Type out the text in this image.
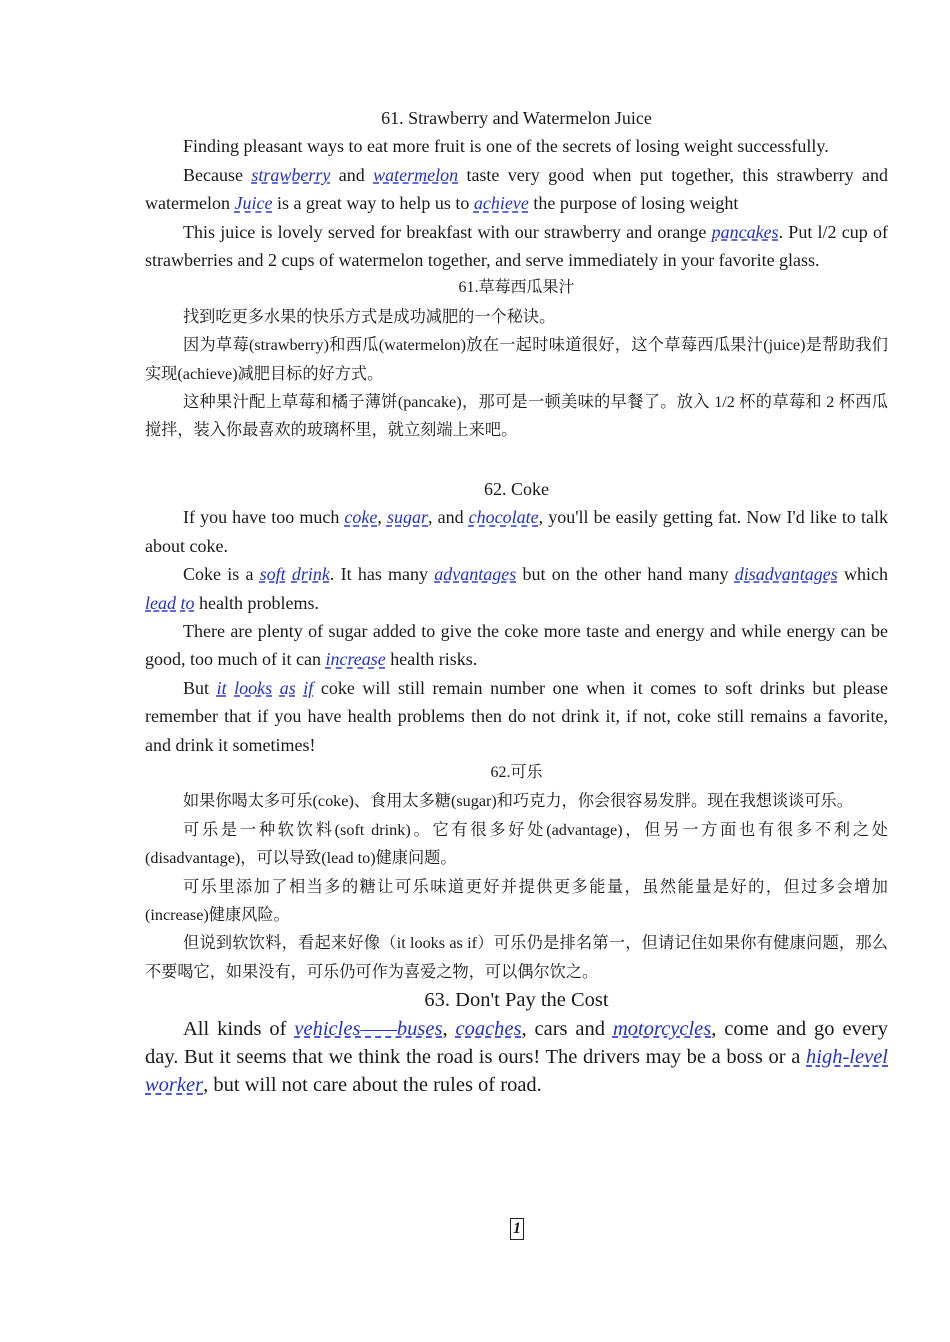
61. Strawberry and Watermelon Juice

Finding pleasant ways to eat more fruit is one of the secrets of losing weight successfully.

Because strawberry and watermelon taste very good when put together, this strawberry and watermelon Juice is a great way to help us to achieve the purpose of losing weight

This juice is lovely served for breakfast with our strawberry and orange pancakes. Put l/2 cup of strawberries and 2 cups of watermelon together, and serve immediately in your favorite glass.

61.草莓西瓜果汁

找到吃更多水果的快乐方式是成功减肥的一个秘诀。

因为草莓(strawberry)和西瓜(watermelon)放在一起时味道很好，这个草莓西瓜果汁(juice)是帮助我们实现(achieve)减肥目标的好方式。

这种果汁配上草莓和橘子薄饼(pancake)，那可是一顿美味的早餐了。放入 1/2 杯的草莓和 2 杯西瓜搅拌，装入你最喜欢的玻璃杯里，就立刻端上来吧。

62. Coke

If you have too much coke, sugar, and chocolate, you'll be easily getting fat. Now I'd like to talk about coke.

Coke is a soft drink. It has many advantages but on the other hand many disadvantages which lead to health problems.

There are plenty of sugar added to give the coke more taste and energy and while energy can be good, too much of it can increase health risks.

But it looks as if coke will still remain number one when it comes to soft drinks but please remember that if you have health problems then do not drink it, if not, coke still remains a favorite, and drink it sometimes!

62.可乐

如果你喝太多可乐(coke)、食用太多糖(sugar)和巧克力，你会很容易发胖。现在我想谈谈可乐。

可乐是一种软饮料(soft drink)。它有很多好处(advantage)，但另一方面也有很多不利之处(disadvantage)，可以导致(lead to)健康问题。

可乐里添加了相当多的糖让可乐味道更好并提供更多能量，虽然能量是好的，但过多会增加(increase)健康风险。

但说到软饮料，看起来好像（it looks as if）可乐仍是排名第一，但请记住如果你有健康问题，那么不要喝它，如果没有，可乐仍可作为喜爱之物，可以偶尔饮之。

63. Don't Pay the Cost

All kinds of vehicles——buses, coaches, cars and motorcycles, come and go every day. But it seems that we think the road is ours! The drivers may be a boss or a high-level worker, but will not care about the rules of road.

1
